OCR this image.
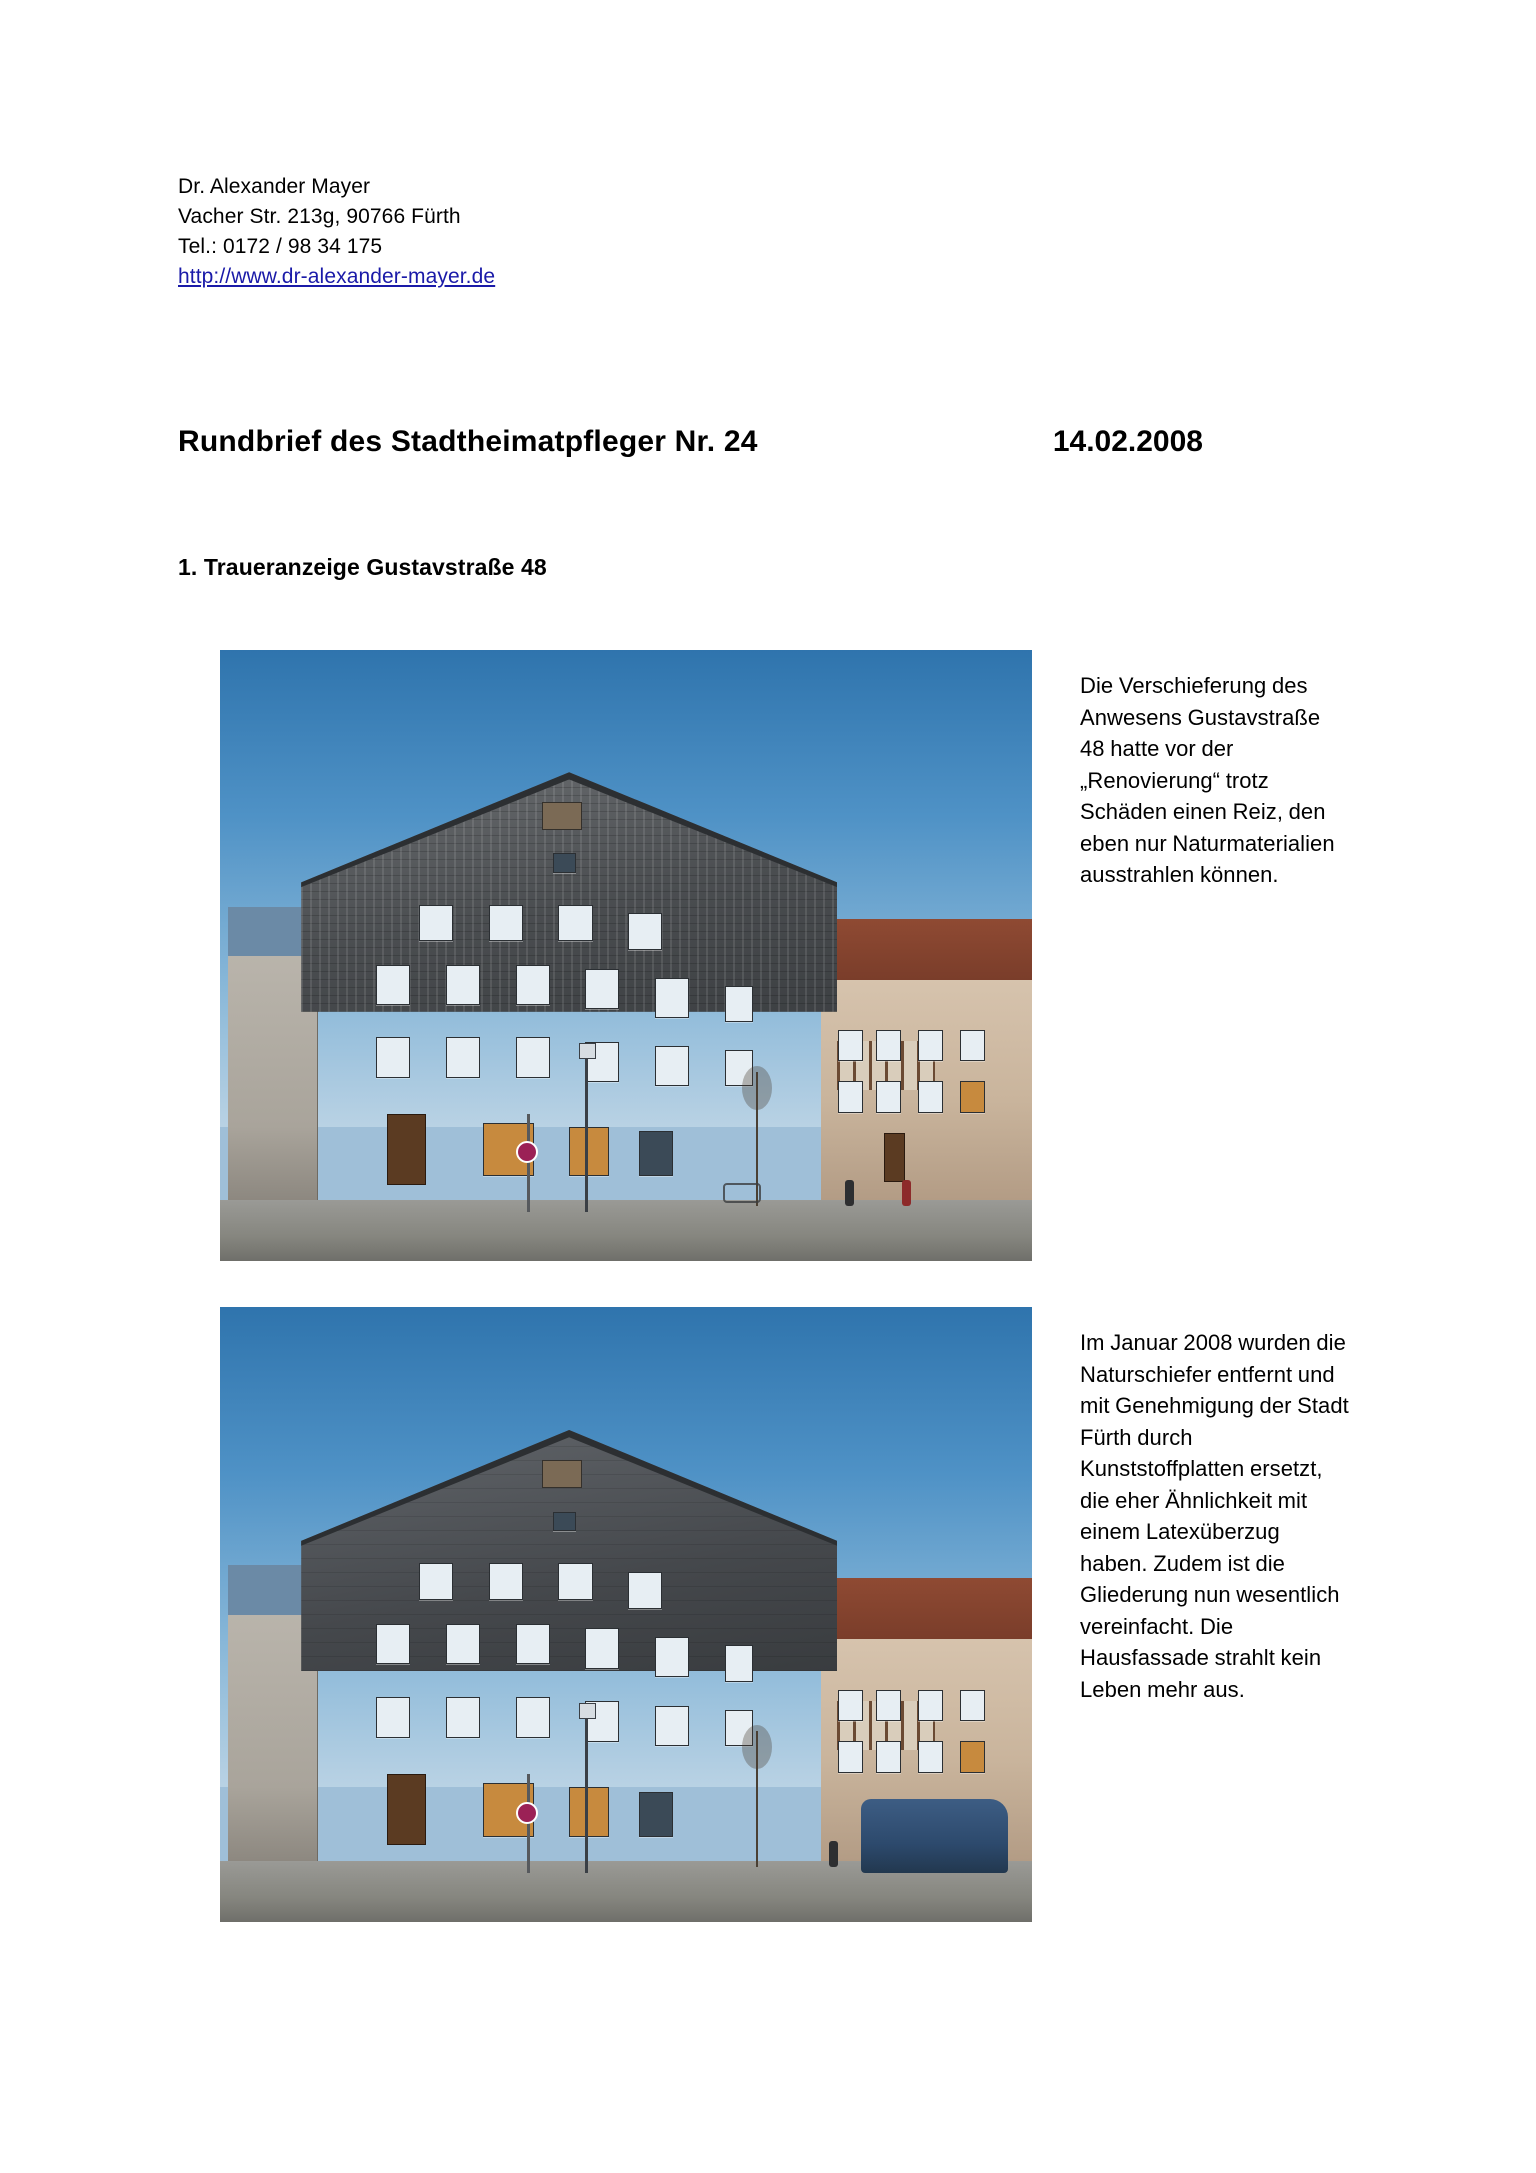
Dr. Alexander Mayer
Vacher Str. 213g, 90766 Fürth
Tel.: 0172 / 98 34 175
http://www.dr-alexander-mayer.de
Rundbrief des Stadtheimatpfleger Nr. 24	14.02.2008
1. Traueranzeige Gustavstraße 48
Die Verschieferung des Anwesens Gustavstraße 48 hatte vor der „Renovierung“ trotz Schäden einen Reiz, den eben nur Naturmaterialien ausstrahlen können.
Im Januar 2008 wurden die Naturschiefer entfernt und mit Genehmigung der Stadt Fürth durch Kunststoffplatten ersetzt, die eher Ähnlichkeit mit einem Latexüberzug haben. Zudem ist die Gliederung nun wesentlich vereinfacht. Die Hausfassade strahlt kein Leben mehr aus.
